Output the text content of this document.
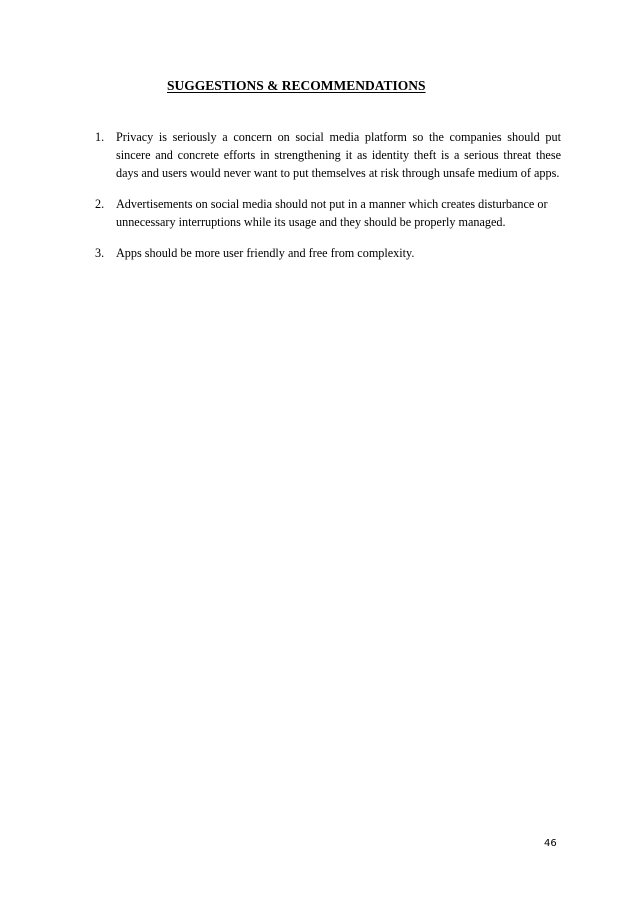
SUGGESTIONS & RECOMMENDATIONS
1. Privacy is seriously a concern on social media platform so the companies should put sincere and concrete efforts in strengthening it as identity theft is a serious threat these days and users would never want to put themselves at risk through unsafe medium of apps.
2. Advertisements on social media should not put in a manner which creates disturbance or unnecessary interruptions while its usage and they should be properly managed.
3. Apps should be more user friendly and free from complexity.
46
